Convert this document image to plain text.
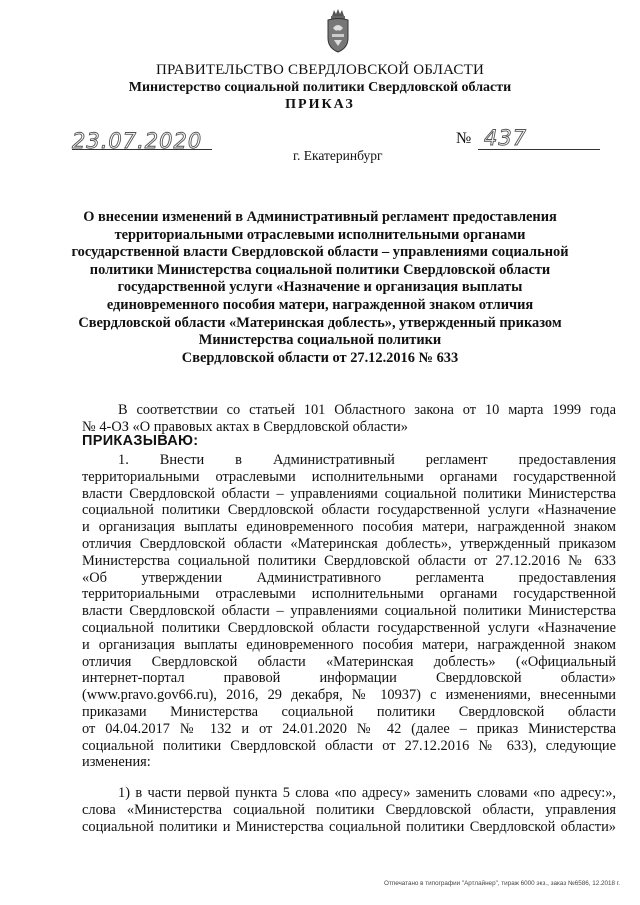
ПРАВИТЕЛЬСТВО СВЕРДЛОВСКОЙ ОБЛАСТИ
Министерство социальной политики Свердловской области
ПРИКАЗ
23.07.2020	№ 437
г. Екатеринбург
О внесении изменений в Административный регламент предоставления
территориальными отраслевыми исполнительными органами
государственной власти Свердловской области – управлениями социальной
политики Министерства социальной политики Свердловской области
государственной услуги «Назначение и организация выплаты
единовременного пособия матери, награжденной знаком отличия
Свердловской области «Материнская доблесть», утвержденный приказом
Министерства социальной политики
Свердловской области от 27.12.2016 № 633
В соответствии со статьей 101 Областного закона от 10 марта 1999 года
№ 4-ОЗ «О правовых актах в Свердловской области»
ПРИКАЗЫВАЮ:
1. Внести в Административный регламент предоставления
территориальными отраслевыми исполнительными органами государственной
власти Свердловской области – управлениями социальной политики Министерства
социальной политики Свердловской области государственной услуги «Назначение
и организация выплаты единовременного пособия матери, награжденной знаком
отличия Свердловской области «Материнская доблесть», утвержденный приказом
Министерства социальной политики Свердловской области от 27.12.2016 № 633
«Об утверждении Административного регламента предоставления
территориальными отраслевыми исполнительными органами государственной
власти Свердловской области – управлениями социальной политики Министерства
социальной политики Свердловской области государственной услуги «Назначение
и организация выплаты единовременного пособия матери, награжденной знаком
отличия Свердловской области «Материнская доблесть» («Официальный
интернет-портал правовой информации Свердловской области»
(www.pravo.gov66.ru), 2016, 29 декабря, № 10937) с изменениями, внесенными
приказами Министерства социальной политики Свердловской области
от 04.04.2017 № 132 и от 24.01.2020 № 42 (далее – приказ Министерства
социальной политики Свердловской области от 27.12.2016 № 633), следующие
изменения:
1) в части первой пункта 5 слова «по адресу» заменить словами «по адресу:»,
слова «Министерства социальной политики Свердловской области, управления
социальной политики и Министерства социальной политики Свердловской области»
Отпечатано в типографии "Артлайнер", тираж 6000 экз., заказ №6586, 12.2018 г.
